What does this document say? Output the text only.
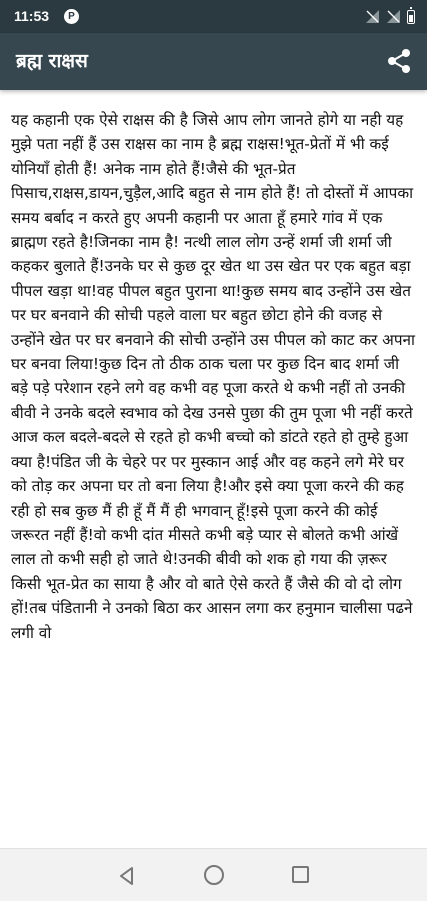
11:53	P
ब्रह्म राक्षस
यह कहानी एक ऐसे राक्षस की है जिसे आप लोग जानते होगे या नही यह मुझे पता नहीं हैं उस राक्षस का नाम है ब्रह्म राक्षस!भूत-प्रेतों में भी कई योनियाँ होती हैं! अनेक नाम होते हैं!जैसे की भूत-प्रेत पिसाच,राक्षस,डायन,चुड़ैल,आदि बहुत से नाम होते हैं! तो दोस्तों में आपका समय बर्बाद न करते हुए अपनी कहानी पर आता हूँ हमारे गांव में एक ब्राह्मण रहते है!जिनका नाम है! नत्थी लाल लोग उन्हें शर्मा जी शर्मा जी कहकर बुलाते हैं!उनके घर से कुछ दूर खेत था उस खेत पर एक बहुत बड़ा पीपल खड़ा था!वह पीपल बहुत पुराना था!कुछ समय बाद उन्होंने उस खेत पर घर बनवाने की सोची पहले वाला घर बहुत छोटा होने की वजह से उन्होंने खेत पर घर बनवाने की सोची उन्होंने उस पीपल को काट कर अपना घर बनवा लिया!कुछ दिन तो ठीक ठाक चला पर कुछ दिन बाद शर्मा जी बड़े पड़े परेशान रहने लगे वह कभी वह पूजा करते थे कभी नहीं तो उनकी बीवी ने उनके बदले स्वभाव को देख उनसे पुछा की तुम पूजा भी नहीं करते आज कल बदले-बदले से रहते हो कभी बच्चो को डांटते रहते हो तुम्हे हुआ क्या है!पंडित जी के चेहरे पर पर मुस्कान आई और वह कहने लगे मेरे घर को तोड़ कर अपना घर तो बना लिया है!और इसे क्या पूजा करने की कह रही हो सब कुछ मैं ही हूँ मैं मैं ही भगवान् हूँ!इसे पूजा करने की कोई जरूरत नहीं हैं!वो कभी दांत मीसते कभी बड़े प्यार से बोलते कभी आंखें लाल तो कभी सही हो जाते थे!उनकी बीवी को शक हो गया की ज़रूर किसी भूत-प्रेत का साया है और वो बाते ऐसे करते हैं जैसे की वो दो लोग हों!तब पंडितानी ने उनको बिठा कर आसन लगा कर हनुमान चालीसा पढने लगी वो
